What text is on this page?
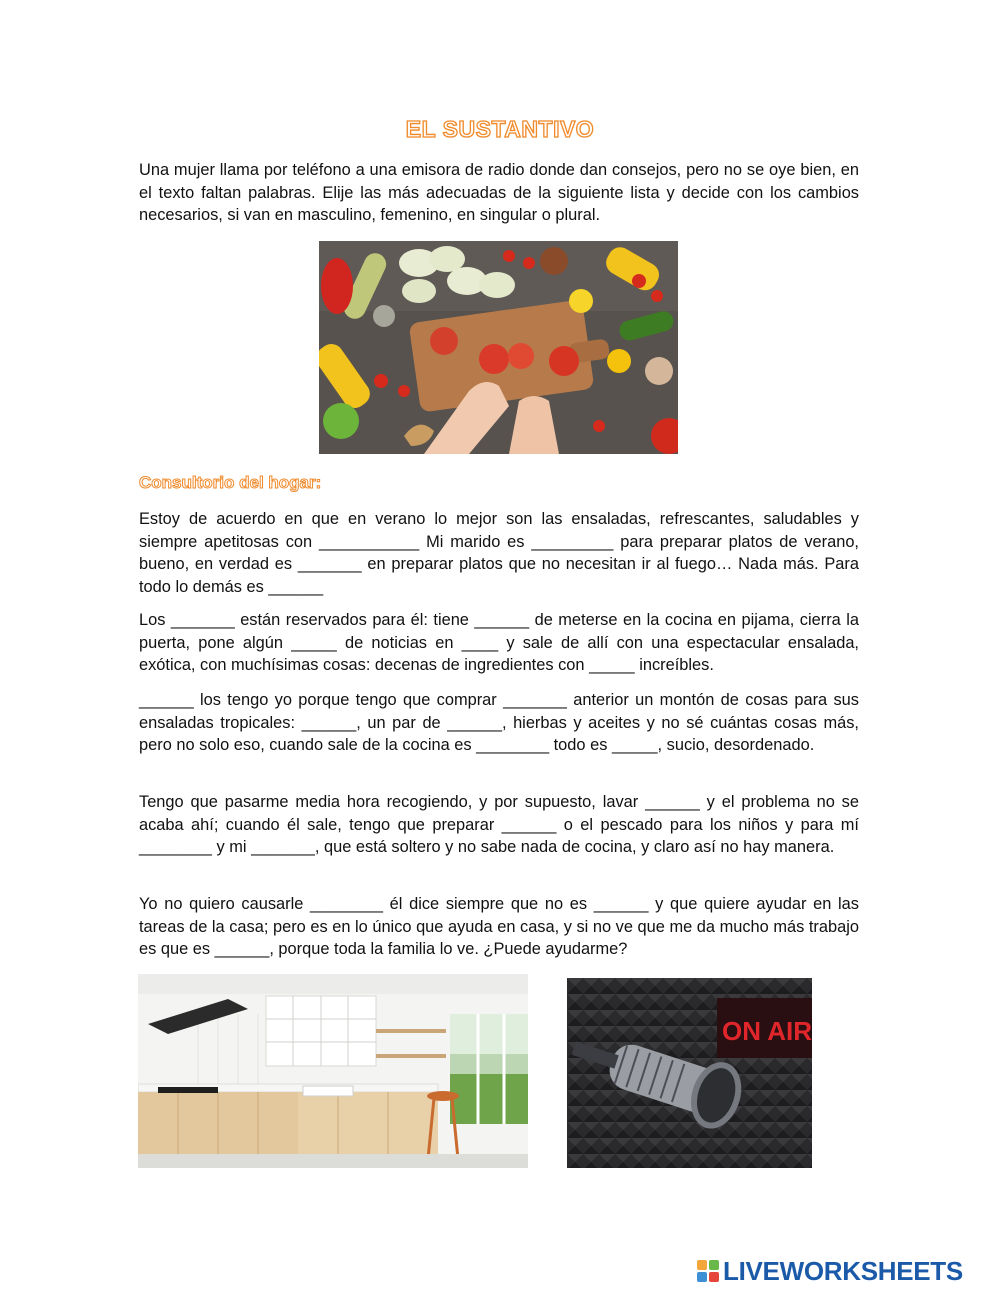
EL SUSTANTIVO

Una mujer llama por teléfono a una emisora de radio donde dan consejos, pero no se oye bien, en el texto faltan palabras. Elije las más adecuadas de la siguiente lista y decide con los cambios necesarios, si van en masculino, femenino, en singular o plural.

Consultorio del hogar:

Estoy de acuerdo en que en verano lo mejor son las ensaladas, refrescantes, saludables y siempre apetitosas con ___________ Mi marido es _________ para preparar platos de verano, bueno, en verdad es _______ en preparar platos que no necesitan ir al fuego… Nada más. Para todo lo demás es ______

Los _______ están reservados para él: tiene ______ de meterse en la cocina en pijama, cierra la puerta, pone algún _____ de noticias en ____ y sale de allí con una espectacular ensalada, exótica, con muchísimas cosas: decenas de ingredientes con _____ increíbles.

______ los tengo yo porque tengo que comprar _______ anterior un montón de cosas para sus ensaladas tropicales: ______, un par de ______, hierbas y aceites y no sé cuántas cosas más, pero no solo eso, cuando sale de la cocina es ________ todo es _____, sucio, desordenado.

Tengo que pasarme media hora recogiendo, y por supuesto, lavar ______ y el problema no se acaba ahí; cuando él sale, tengo que preparar ______ o el pescado para los niños y para mí ________ y mi _______, que está soltero y no sabe nada de cocina, y claro así no hay manera.

Yo no quiero causarle ________ él dice siempre que no es ______ y que quiere ayudar en las tareas de la casa; pero es en lo único que ayuda en casa, y si no ve que me da mucho más trabajo es que es ______, porque toda la familia lo ve. ¿Puede ayudarme?

ON AIR
LIVEWORKSHEETS
